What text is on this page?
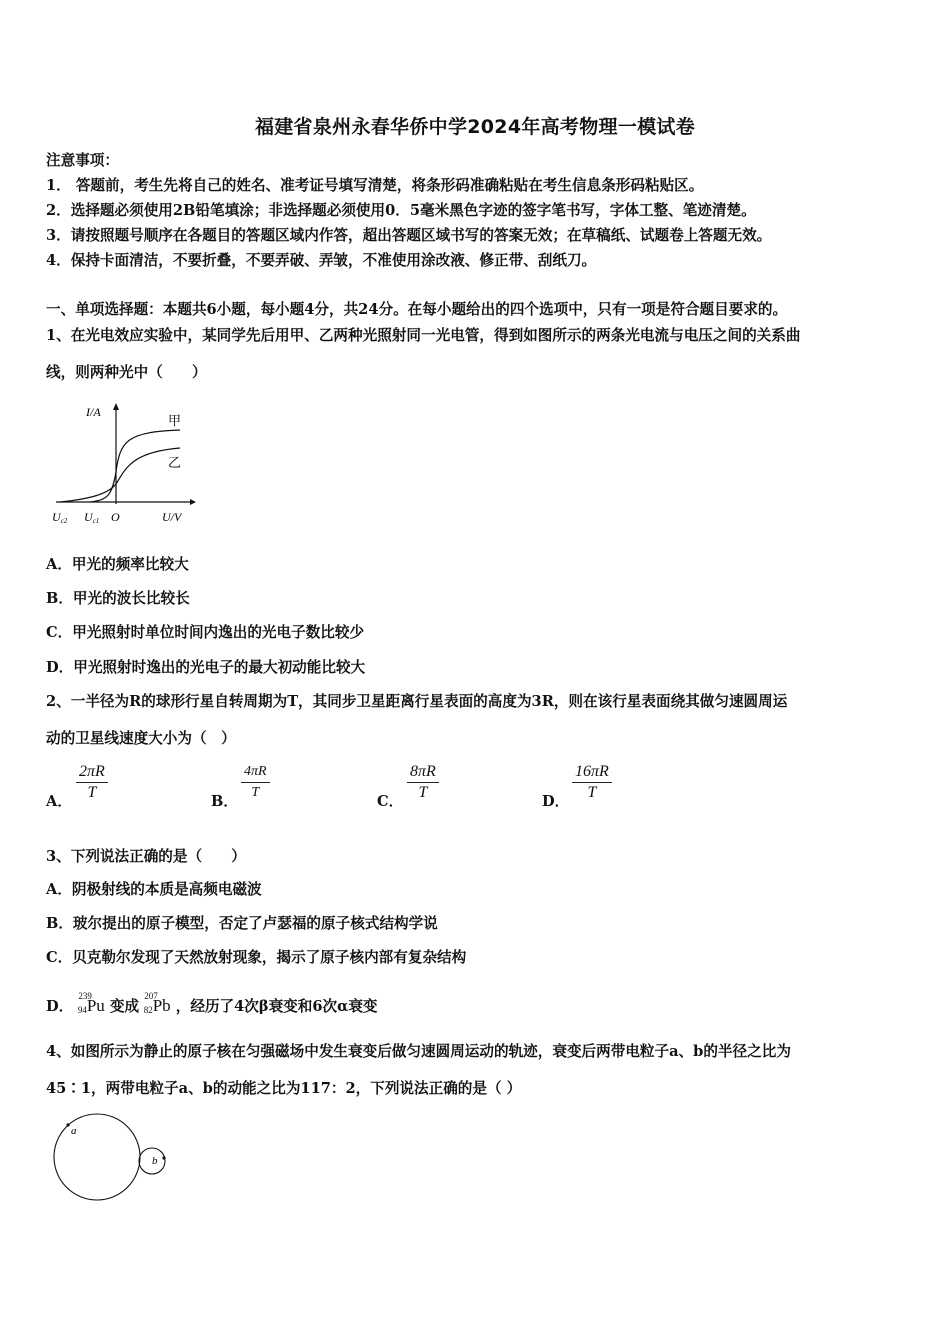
福建省泉州永春华侨中学2024年高考物理一模试卷
注意事项：
1． 答题前，考生先将自己的姓名、准考证号填写清楚，将条形码准确粘贴在考生信息条形码粘贴区。
2．选择题必须使用2B铅笔填涂；非选择题必须使用0．5毫米黑色字迹的签字笔书写，字体工整、笔迹清楚。
3．请按照题号顺序在各题目的答题区域内作答，超出答题区域书写的答案无效；在草稿纸、试题卷上答题无效。
4．保持卡面清洁，不要折叠，不要弄破、弄皱，不准使用涂改液、修正带、刮纸刀。
一、单项选择题：本题共6小题，每小题4分，共24分。在每小题给出的四个选项中，只有一项是符合题目要求的。
1、在光电效应实验中，某同学先后用甲、乙两种光照射同一光电管，得到如图所示的两条光电流与电压之间的关系曲
线，则两种光中（　　）
I/A
甲
乙
Uc2 Uc1 O	U/V
A．甲光的频率比较大
B．甲光的波长比较长
C．甲光照射时单位时间内逸出的光电子数比较少
D．甲光照射时逸出的光电子的最大初动能比较大
2、一半径为R的球形行星自转周期为T，其同步卫星距离行星表面的高度为3R，则在该行星表面绕其做匀速圆周运
动的卫星线速度大小为（　）
A． $\frac{2\pi R}{T}$	B． $\frac{4\pi R}{T}$	C． $\frac{8\pi R}{T}$	D． $\frac{16\pi R}{T}$
3、下列说法正确的是（　　）
A．阴极射线的本质是高频电磁波
B．玻尔提出的原子模型，否定了卢瑟福的原子核式结构学说
C．贝克勒尔发现了天然放射现象，揭示了原子核内部有复杂结构
D． $^{239}$94Pu 变成 $^{207}$82Pb ，经历了4次β衰变和6次α衰变
4、如图所示为静止的原子核在匀强磁场中发生衰变后做匀速圆周运动的轨迹，衰变后两带电粒子a、b的半径之比为
45∶1，两带电粒子a、b的动能之比为117：2，下列说法正确的是（ ）
a
b
